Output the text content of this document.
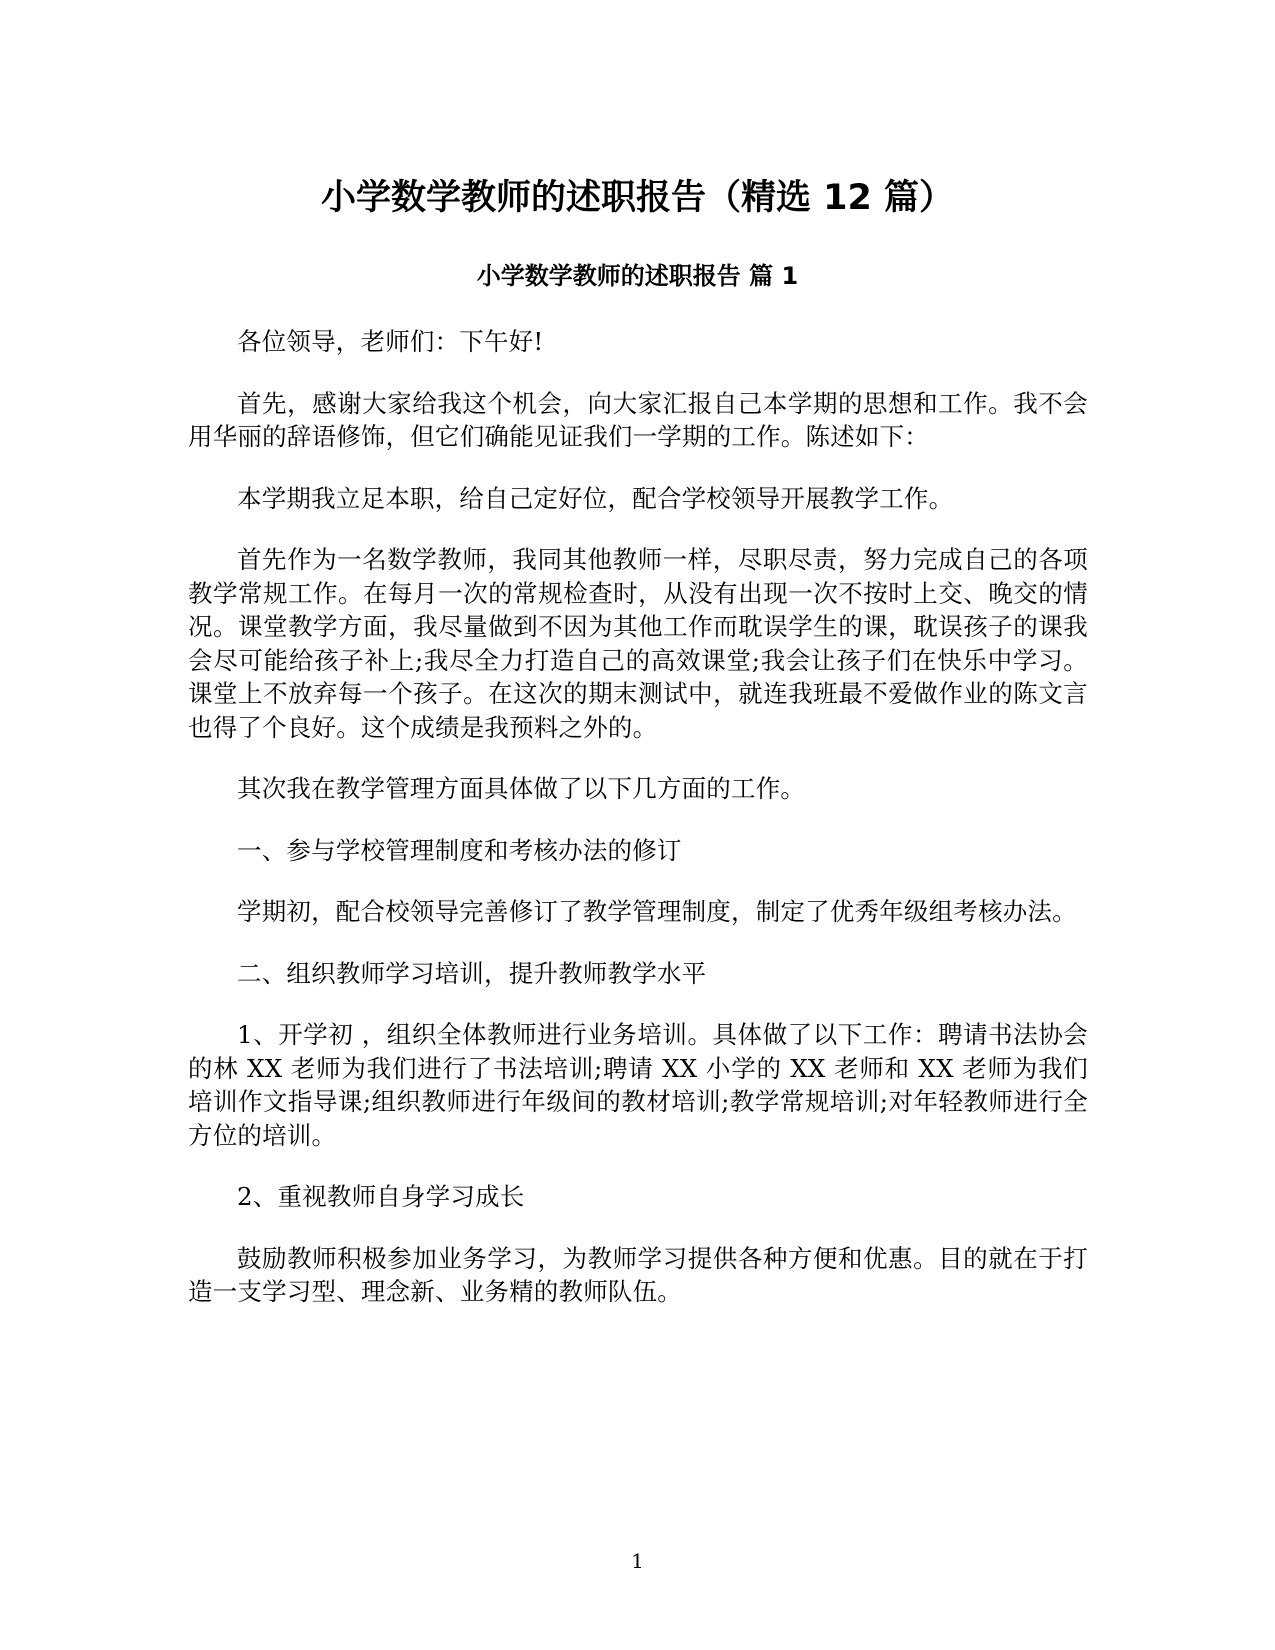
小学数学教师的述职报告（精选 12 篇）
小学数学教师的述职报告 篇 1

各位领导，老师们：下午好!

首先，感谢大家给我这个机会，向大家汇报自己本学期的思想和工作。我不会用华丽的辞语修饰，但它们确能见证我们一学期的工作。陈述如下：

本学期我立足本职，给自己定好位，配合学校领导开展教学工作。

首先作为一名数学教师，我同其他教师一样，尽职尽责，努力完成自己的各项教学常规工作。在每月一次的常规检查时，从没有出现一次不按时上交、晚交的情况。课堂教学方面，我尽量做到不因为其他工作而耽误学生的课，耽误孩子的课我会尽可能给孩子补上;我尽全力打造自己的高效课堂;我会让孩子们在快乐中学习。课堂上不放弃每一个孩子。在这次的期末测试中，就连我班最不爱做作业的陈文言也得了个良好。这个成绩是我预料之外的。

其次我在教学管理方面具体做了以下几方面的工作。

一、参与学校管理制度和考核办法的修订

学期初，配合校领导完善修订了教学管理制度，制定了优秀年级组考核办法。

二、组织教师学习培训，提升教师教学水平

1、开学初 ，组织全体教师进行业务培训。具体做了以下工作：聘请书法协会的林 XX 老师为我们进行了书法培训;聘请 XX 小学的 XX 老师和 XX 老师为我们培训作文指导课;组织教师进行年级间的教材培训;教学常规培训;对年轻教师进行全方位的培训。

2、重视教师自身学习成长

鼓励教师积极参加业务学习，为教师学习提供各种方便和优惠。目的就在于打造一支学习型、理念新、业务精的教师队伍。

1
